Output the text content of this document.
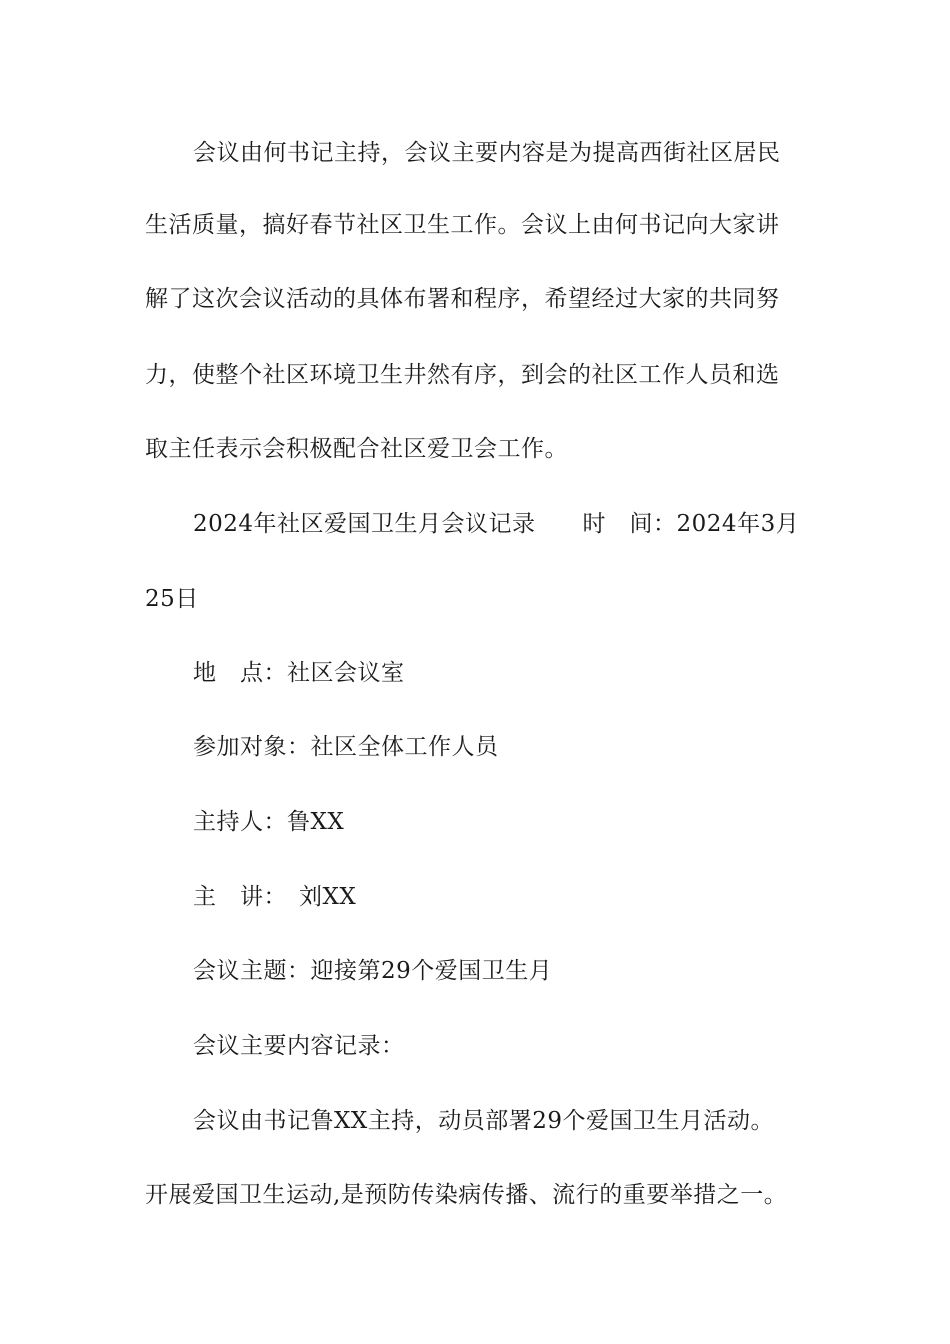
会议由何书记主持，会议主要内容是为提高西街社区居民
生活质量，搞好春节社区卫生工作。会议上由何书记向大家讲
解了这次会议活动的具体布署和程序，希望经过大家的共同努
力，使整个社区环境卫生井然有序，到会的社区工作人员和选
取主任表示会积极配合社区爱卫会工作。
2024年社区爱国卫生月会议记录　　时　间：2024年3月
25日
地　点：社区会议室
参加对象：社区全体工作人员
主持人：鲁XX
主　讲：　刘XX
会议主题：迎接第29个爱国卫生月
会议主要内容记录：
会议由书记鲁XX主持，动员部署29个爱国卫生月活动。
开展爱国卫生运动,是预防传染病传播、流行的重要举措之一。
